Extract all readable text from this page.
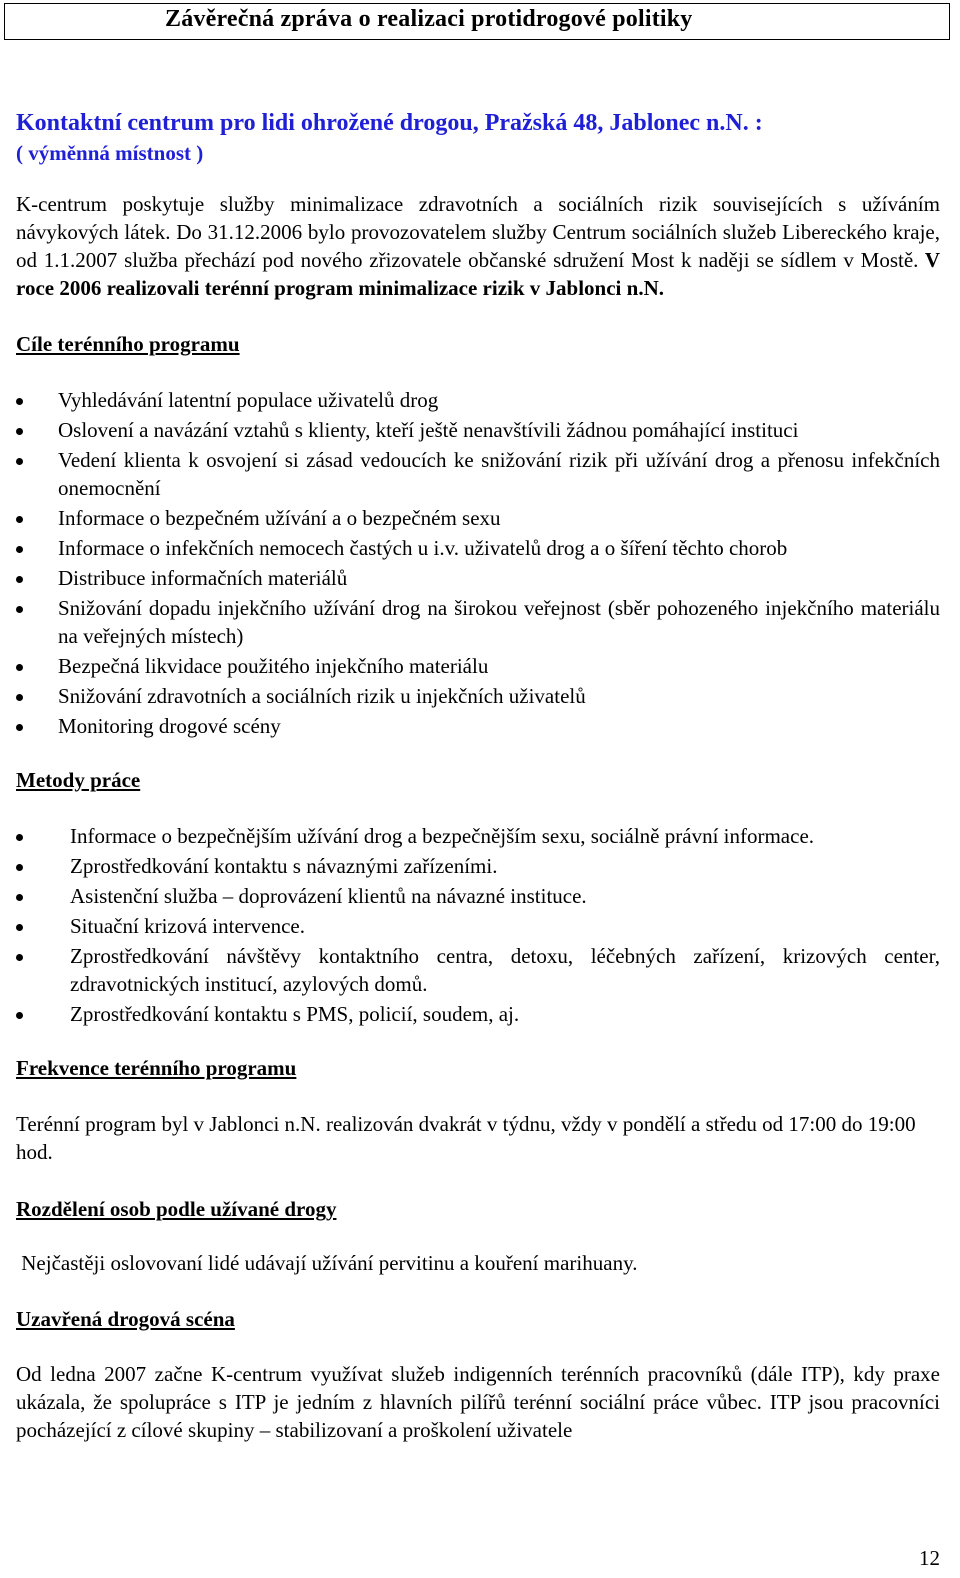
Závěrečná zpráva o realizaci protidrogové politiky

Kontaktní centrum pro lidi ohrožené drogou, Pražská 48, Jablonec n.N. :

( výměnná místnost )

K-centrum poskytuje služby minimalizace zdravotních a sociálních rizik souvisejících s užíváním návykových látek. Do 31.12.2006 bylo provozovatelem služby Centrum sociálních služeb Libereckého kraje, od 1.1.2007 služba přechází pod nového zřizovatele občanské sdružení Most k naději se sídlem v Mostě. V roce 2006 realizovali terénní program minimalizace rizik v Jablonci n.N.

Cíle terénního programu

Vyhledávání latentní populace uživatelů drog
Oslovení a navázání vztahů s klienty, kteří ještě nenavštívili žádnou pomáhající instituci
Vedení klienta k osvojení si zásad vedoucích ke snižování rizik při užívání drog a přenosu infekčních onemocnění
Informace o bezpečném užívání a o bezpečném sexu
Informace o infekčních nemocech častých u i.v. uživatelů drog a o šíření těchto chorob
Distribuce informačních materiálů
Snižování dopadu injekčního užívání drog na širokou veřejnost (sběr pohozeného injekčního materiálu na veřejných místech)
Bezpečná likvidace použitého injekčního materiálu
Snižování zdravotních a sociálních rizik u injekčních uživatelů
Monitoring drogové scény

Metody práce

Informace o bezpečnějším užívání drog a bezpečnějším sexu, sociálně právní informace.
Zprostředkování kontaktu s návaznými zařízeními.
Asistenční služba – doprovázení klientů na návazné instituce.
Situační krizová intervence.
Zprostředkování návštěvy kontaktního centra, detoxu, léčebných zařízení, krizových center, zdravotnických institucí, azylových domů.
Zprostředkování kontaktu s PMS, policií, soudem, aj.

Frekvence terénního programu

Terénní program byl v Jablonci n.N. realizován dvakrát v týdnu, vždy v pondělí a středu od 17:00 do 19:00 hod.

Rozdělení osob podle užívané drogy

Nejčastěji oslovovaní lidé udávají užívání pervitinu a kouření marihuany.

Uzavřená drogová scéna

Od ledna 2007 začne K-centrum využívat služeb indigenních terénních pracovníků (dále ITP), kdy praxe ukázala, že spolupráce s ITP je jedním z hlavních pilířů terénní sociální práce vůbec. ITP jsou pracovníci pocházející z cílové skupiny – stabilizovaní a proškolení uživatele

12
